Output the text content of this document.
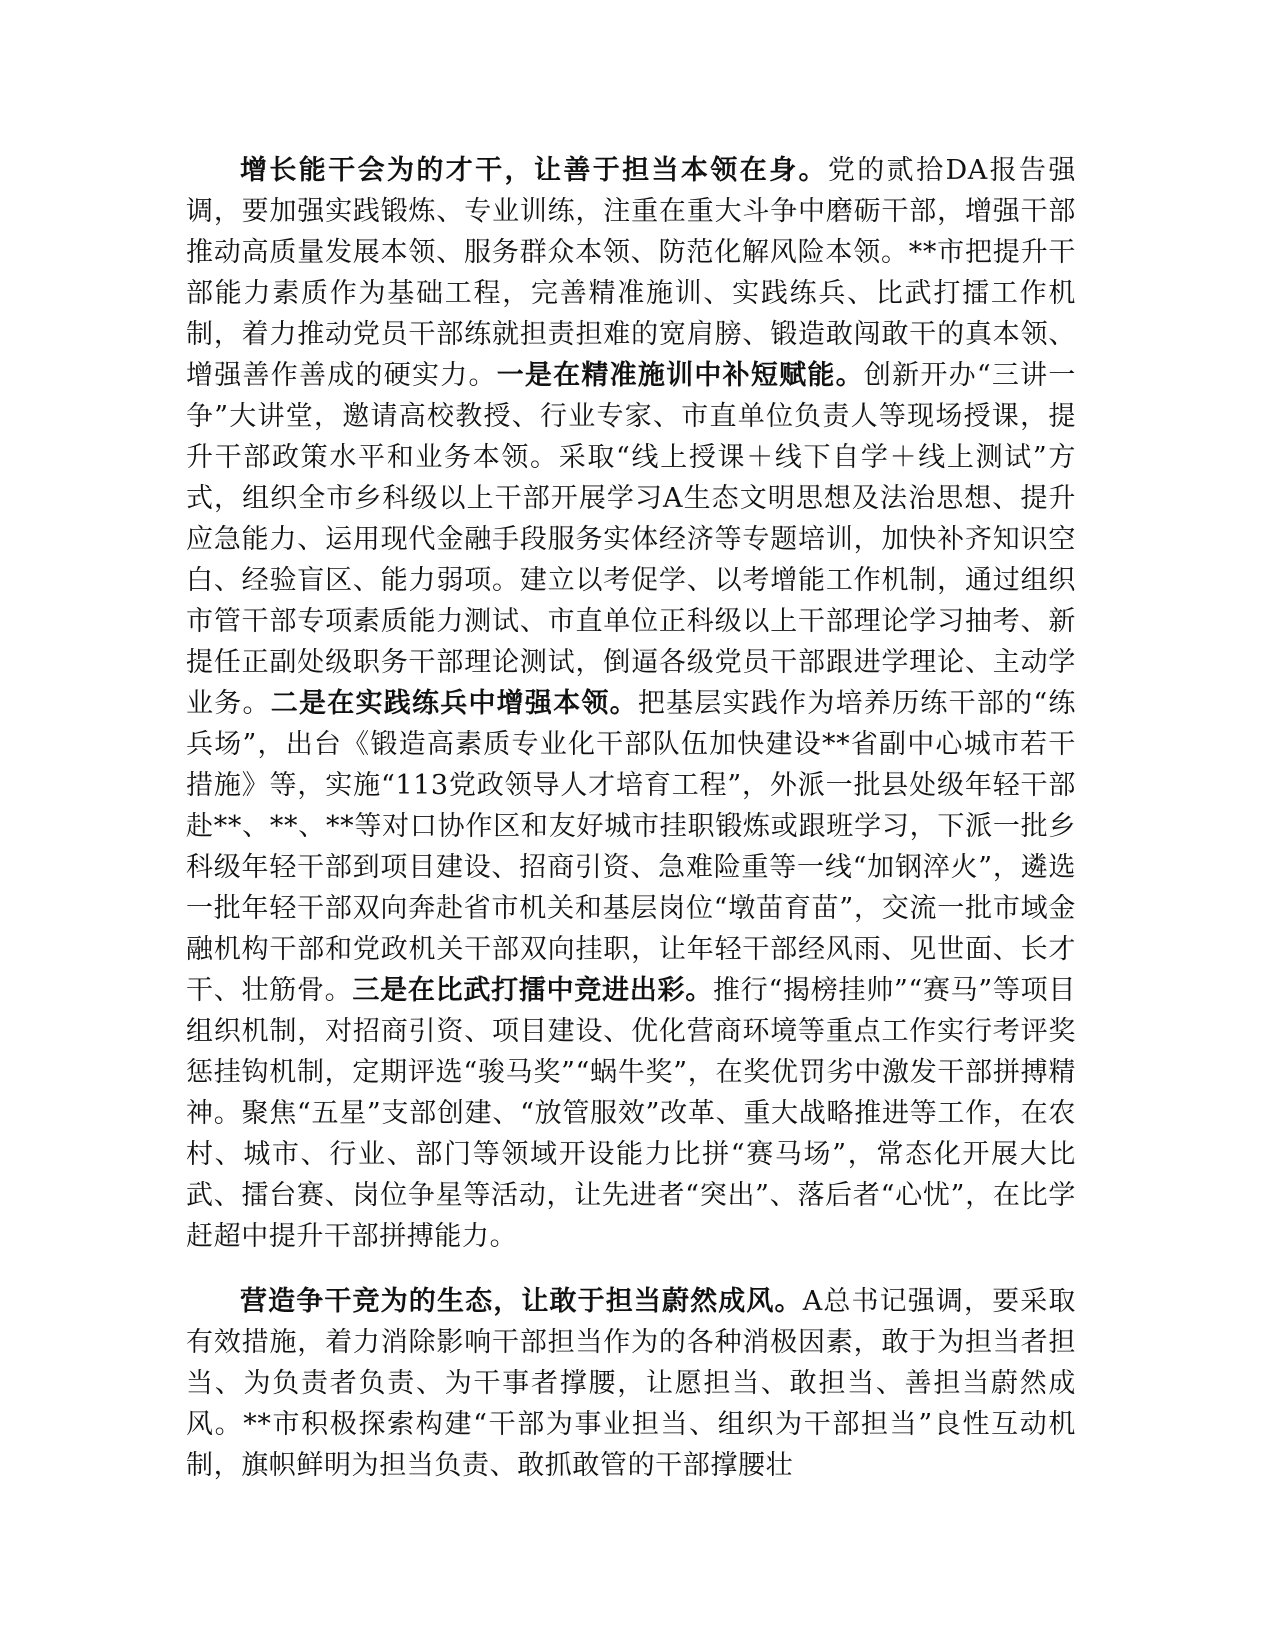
增长能干会为的才干，让善于担当本领在身。党的贰拾DA报告强调，要加强实践锻炼、专业训练，注重在重大斗争中磨砺干部，增强干部推动高质量发展本领、服务群众本领、防范化解风险本领。**市把提升干部能力素质作为基础工程，完善精准施训、实践练兵、比武打擂工作机制，着力推动党员干部练就担责担难的宽肩膀、锻造敢闯敢干的真本领、增强善作善成的硬实力。一是在精准施训中补短赋能。创新开办“三讲一争”大讲堂，邀请高校教授、行业专家、市直单位负责人等现场授课，提升干部政策水平和业务本领。采取“线上授课＋线下自学＋线上测试”方式，组织全市乡科级以上干部开展学习A生态文明思想及法治思想、提升应急能力、运用现代金融手段服务实体经济等专题培训，加快补齐知识空白、经验盲区、能力弱项。建立以考促学、以考增能工作机制，通过组织市管干部专项素质能力测试、市直单位正科级以上干部理论学习抽考、新提任正副处级职务干部理论测试，倒逼各级党员干部跟进学理论、主动学业务。二是在实践练兵中增强本领。把基层实践作为培养历练干部的“练兵场”，出台《锻造高素质专业化干部队伍加快建设**省副中心城市若干措施》等，实施“113党政领导人才培育工程”，外派一批县处级年轻干部赴**、**、**等对口协作区和友好城市挂职锻炼或跟班学习，下派一批乡科级年轻干部到项目建设、招商引资、急难险重等一线“加钢淬火”，遴选一批年轻干部双向奔赴省市机关和基层岗位“墩苗育苗”，交流一批市域金融机构干部和党政机关干部双向挂职，让年轻干部经风雨、见世面、长才干、壮筋骨。三是在比武打擂中竞进出彩。推行“揭榜挂帅”“赛马”等项目组织机制，对招商引资、项目建设、优化营商环境等重点工作实行考评奖惩挂钩机制，定期评选“骏马奖”“蜗牛奖”，在奖优罚劣中激发干部拼搏精神。聚焦“五星”支部创建、“放管服效”改革、重大战略推进等工作，在农村、城市、行业、部门等领域开设能力比拼“赛马场”，常态化开展大比武、擂台赛、岗位争星等活动，让先进者“突出”、落后者“心忧”，在比学赶超中提升干部拼搏能力。

营造争干竞为的生态，让敢于担当蔚然成风。A总书记强调，要采取有效措施，着力消除影响干部担当作为的各种消极因素，敢于为担当者担当、为负责者负责、为干事者撑腰，让愿担当、敢担当、善担当蔚然成风。**市积极探索构建“干部为事业担当、组织为干部担当”良性互动机制，旗帜鲜明为担当负责、敢抓敢管的干部撑腰壮
